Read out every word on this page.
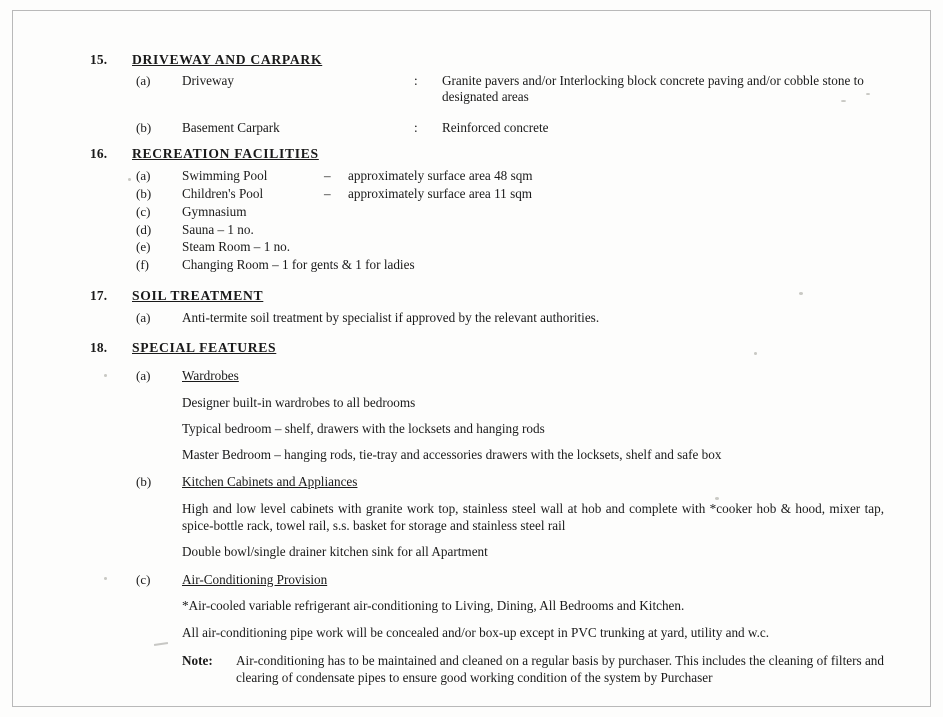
15.	DRIVEWAY AND CARPARK
(a)	Driveway	:	Granite pavers and/or Interlocking block concrete paving and/or cobble stone to designated areas
(b)	Basement Carpark	:	Reinforced concrete
16.	RECREATION FACILITIES
(a)	Swimming Pool	–	approximately surface area 48 sqm
(b)	Children's Pool	–	approximately surface area 11 sqm
(c)	Gymnasium
(d)	Sauna – 1 no.
(e)	Steam Room – 1 no.
(f)	Changing Room – 1 for gents & 1 for ladies
17.	SOIL TREATMENT
(a)	Anti-termite soil treatment by specialist if approved by the relevant authorities.
18.	SPECIAL FEATURES
(a)	Wardrobes
Designer built-in wardrobes to all bedrooms
Typical bedroom – shelf, drawers with the locksets and hanging rods
Master Bedroom – hanging rods, tie-tray and accessories drawers with the locksets, shelf and safe box
(b)	Kitchen Cabinets and Appliances
High and low level cabinets with granite work top, stainless steel wall at hob and complete with *cooker hob & hood, mixer tap, spice-bottle rack, towel rail, s.s. basket for storage and stainless steel rail
Double bowl/single drainer kitchen sink for all Apartment
(c)	Air-Conditioning Provision
*Air-cooled variable refrigerant air-conditioning to Living, Dining, All Bedrooms and Kitchen.
All air-conditioning pipe work will be concealed and/or box-up except in PVC trunking at yard, utility and w.c.
Note:	Air-conditioning has to be maintained and cleaned on a regular basis by purchaser. This includes the cleaning of filters and clearing of condensate pipes to ensure good working condition of the system by Purchaser
